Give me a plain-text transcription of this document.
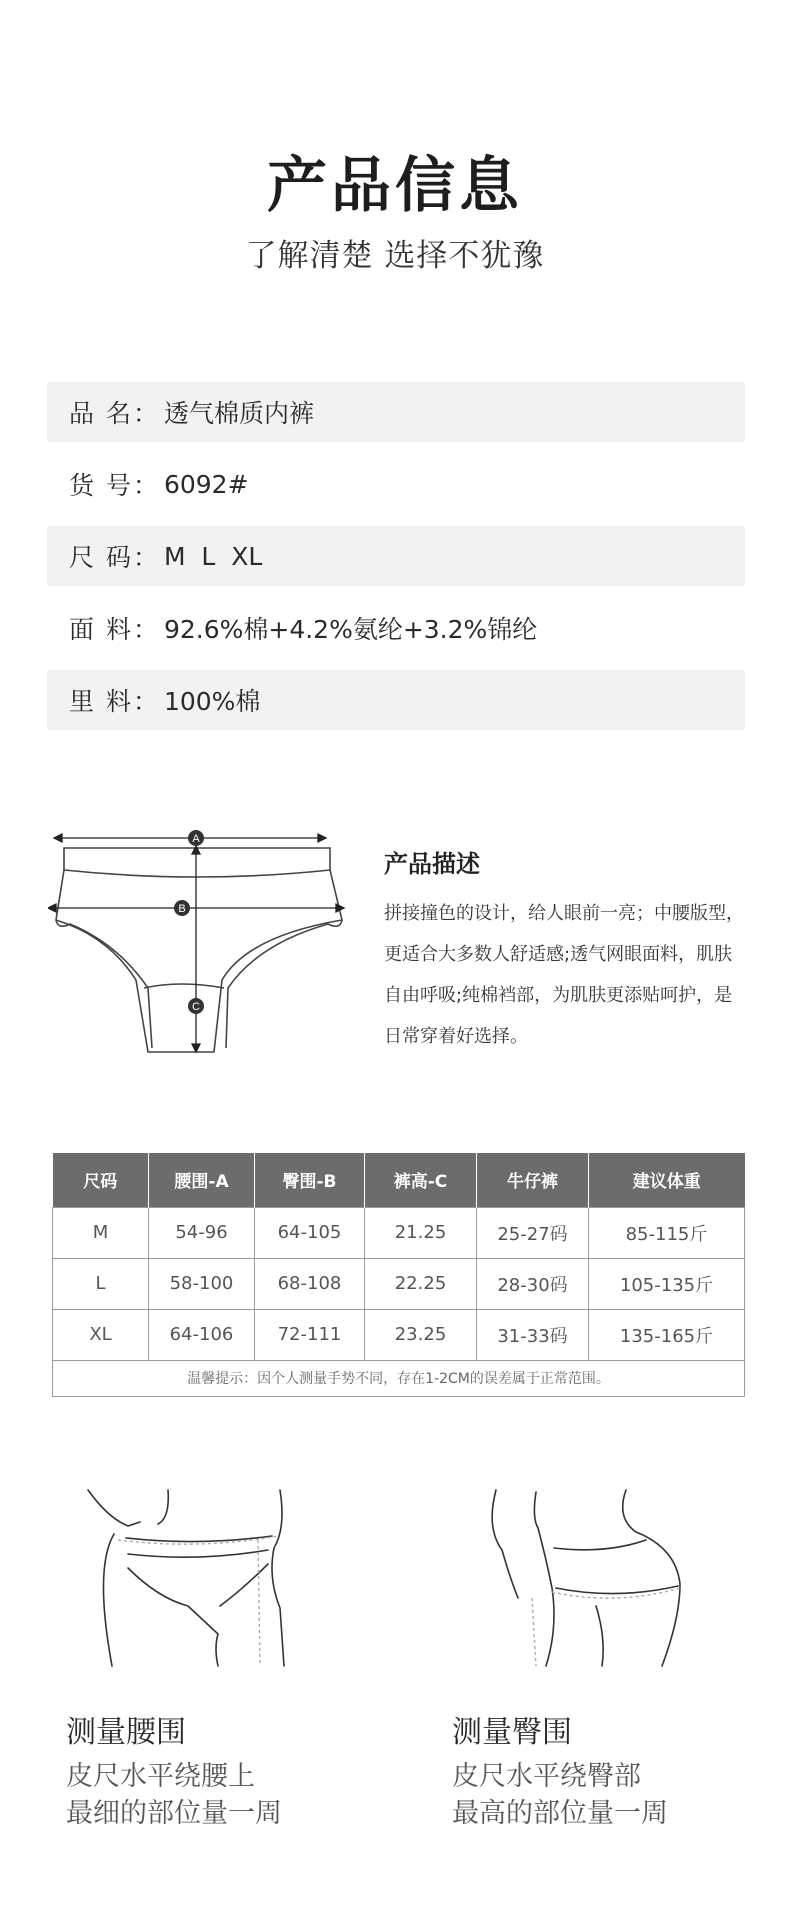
产品信息
了解清楚 选择不犹豫
品 名： 透气棉质内裤
货 号： 6092#
尺 码： M  L  XL
面 料： 92.6%棉+4.2%氨纶+3.2%锦纶
里 料： 100%棉
A
B
C
产品描述
拼接撞色的设计，给人眼前一亮；中腰版型，更适合大多数人舒适感;透气网眼面料，肌肤自由呼吸;纯棉裆部，为肌肤更添贴呵护，是日常穿着好选择。
尺码	腰围-A	臀围-B	裤高-C	牛仔裤	建议体重
M	54-96	64-105	21.25	25-27码	85-115斤
L	58-100	68-108	22.25	28-30码	105-135斤
XL	64-106	72-111	23.25	31-33码	135-165斤
温馨提示：因个人测量手势不同，存在1-2CM的误差属于正常范围。					
测量腰围
皮尺水平绕腰上
最细的部位量一周
测量臀围
皮尺水平绕臀部
最高的部位量一周
